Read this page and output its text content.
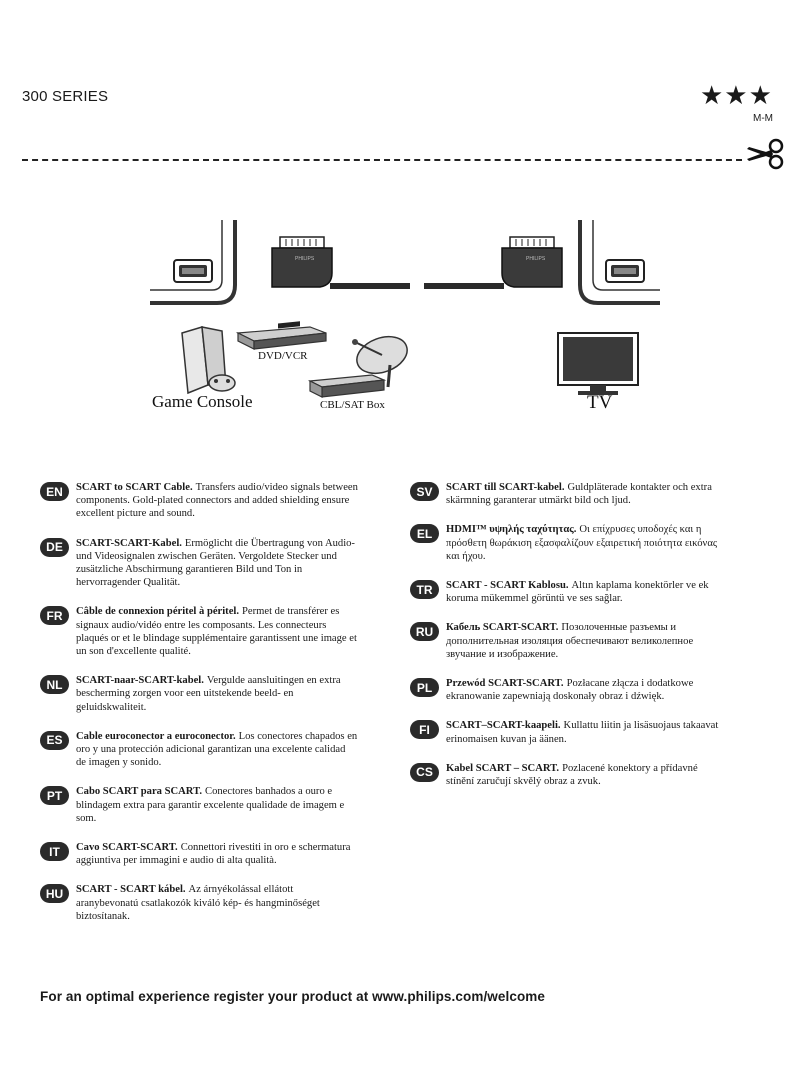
300 SERIES	★★★
M-M
PHILIPS	PHILIPS
Game Console
DVD/VCR
CBL/SAT Box	TV
EN	SCART to SCART Cable. Transfers audio/video signals between components. Gold-plated connectors and added shielding ensure excellent picture and sound.
DE	SCART-SCART-Kabel. Ermöglicht die Übertragung von Audio- und Videosignalen zwischen Geräten. Vergoldete Stecker und zusätzliche Abschirmung garantieren Bild und Ton in hervorragender Qualität.
FR	Câble de connexion péritel à péritel. Permet de transférer es signaux audio/vidéo entre les composants. Les connecteurs plaqués or et le blindage supplémentaire garantissent une image et un son d'excellente qualité.
NL	SCART-naar-SCART-kabel. Vergulde aansluitingen en extra bescherming zorgen voor een uitstekende beeld- en geluidskwaliteit.
ES	Cable euroconector a euroconector. Los conectores chapados en oro y una protección adicional garantizan una excelente calidad de imagen y sonido.
PT	Cabo SCART para SCART. Conectores banhados a ouro e blindagem extra para garantir excelente qualidade de imagem e som.
IT	Cavo SCART-SCART. Connettori rivestiti in oro e schermatura aggiuntiva per immagini e audio di alta qualità.
HU	SCART - SCART kábel. Az árnyékolással ellátott aranybevonatú csatlakozók kiváló kép- és hangminőséget biztosítanak.
SV	SCART till SCART-kabel. Guldpläterade kontakter och extra skärmning garanterar utmärkt bild och ljud.
EL	HDMI™ υψηλής ταχύτητας. Οι επίχρυσες υποδοχές και η πρόσθετη θωράκιση εξασφαλίζουν εξαιρετική ποιότητα εικόνας και ήχου.
TR	SCART - SCART Kablosu. Altın kaplama konektörler ve ek koruma mükemmel görüntü ve ses sağlar.
RU	Кабель SCART-SCART. Позолоченные разъемы и дополнительная изоляция обеспечивают великолепное звучание и изображение.
PL	Przewód SCART-SCART. Pozłacane złącza i dodatkowe ekranowanie zapewniają doskonały obraz i dźwięk.
FI	SCART–SCART-kaapeli. Kullattu liitin ja lisäsuojaus takaavat erinomaisen kuvan ja äänen.
CS	Kabel SCART – SCART. Pozlacené konektory a přídavné stínění zaručují skvělý obraz a zvuk.
For an optimal experience register your product at www.philips.com/welcome
